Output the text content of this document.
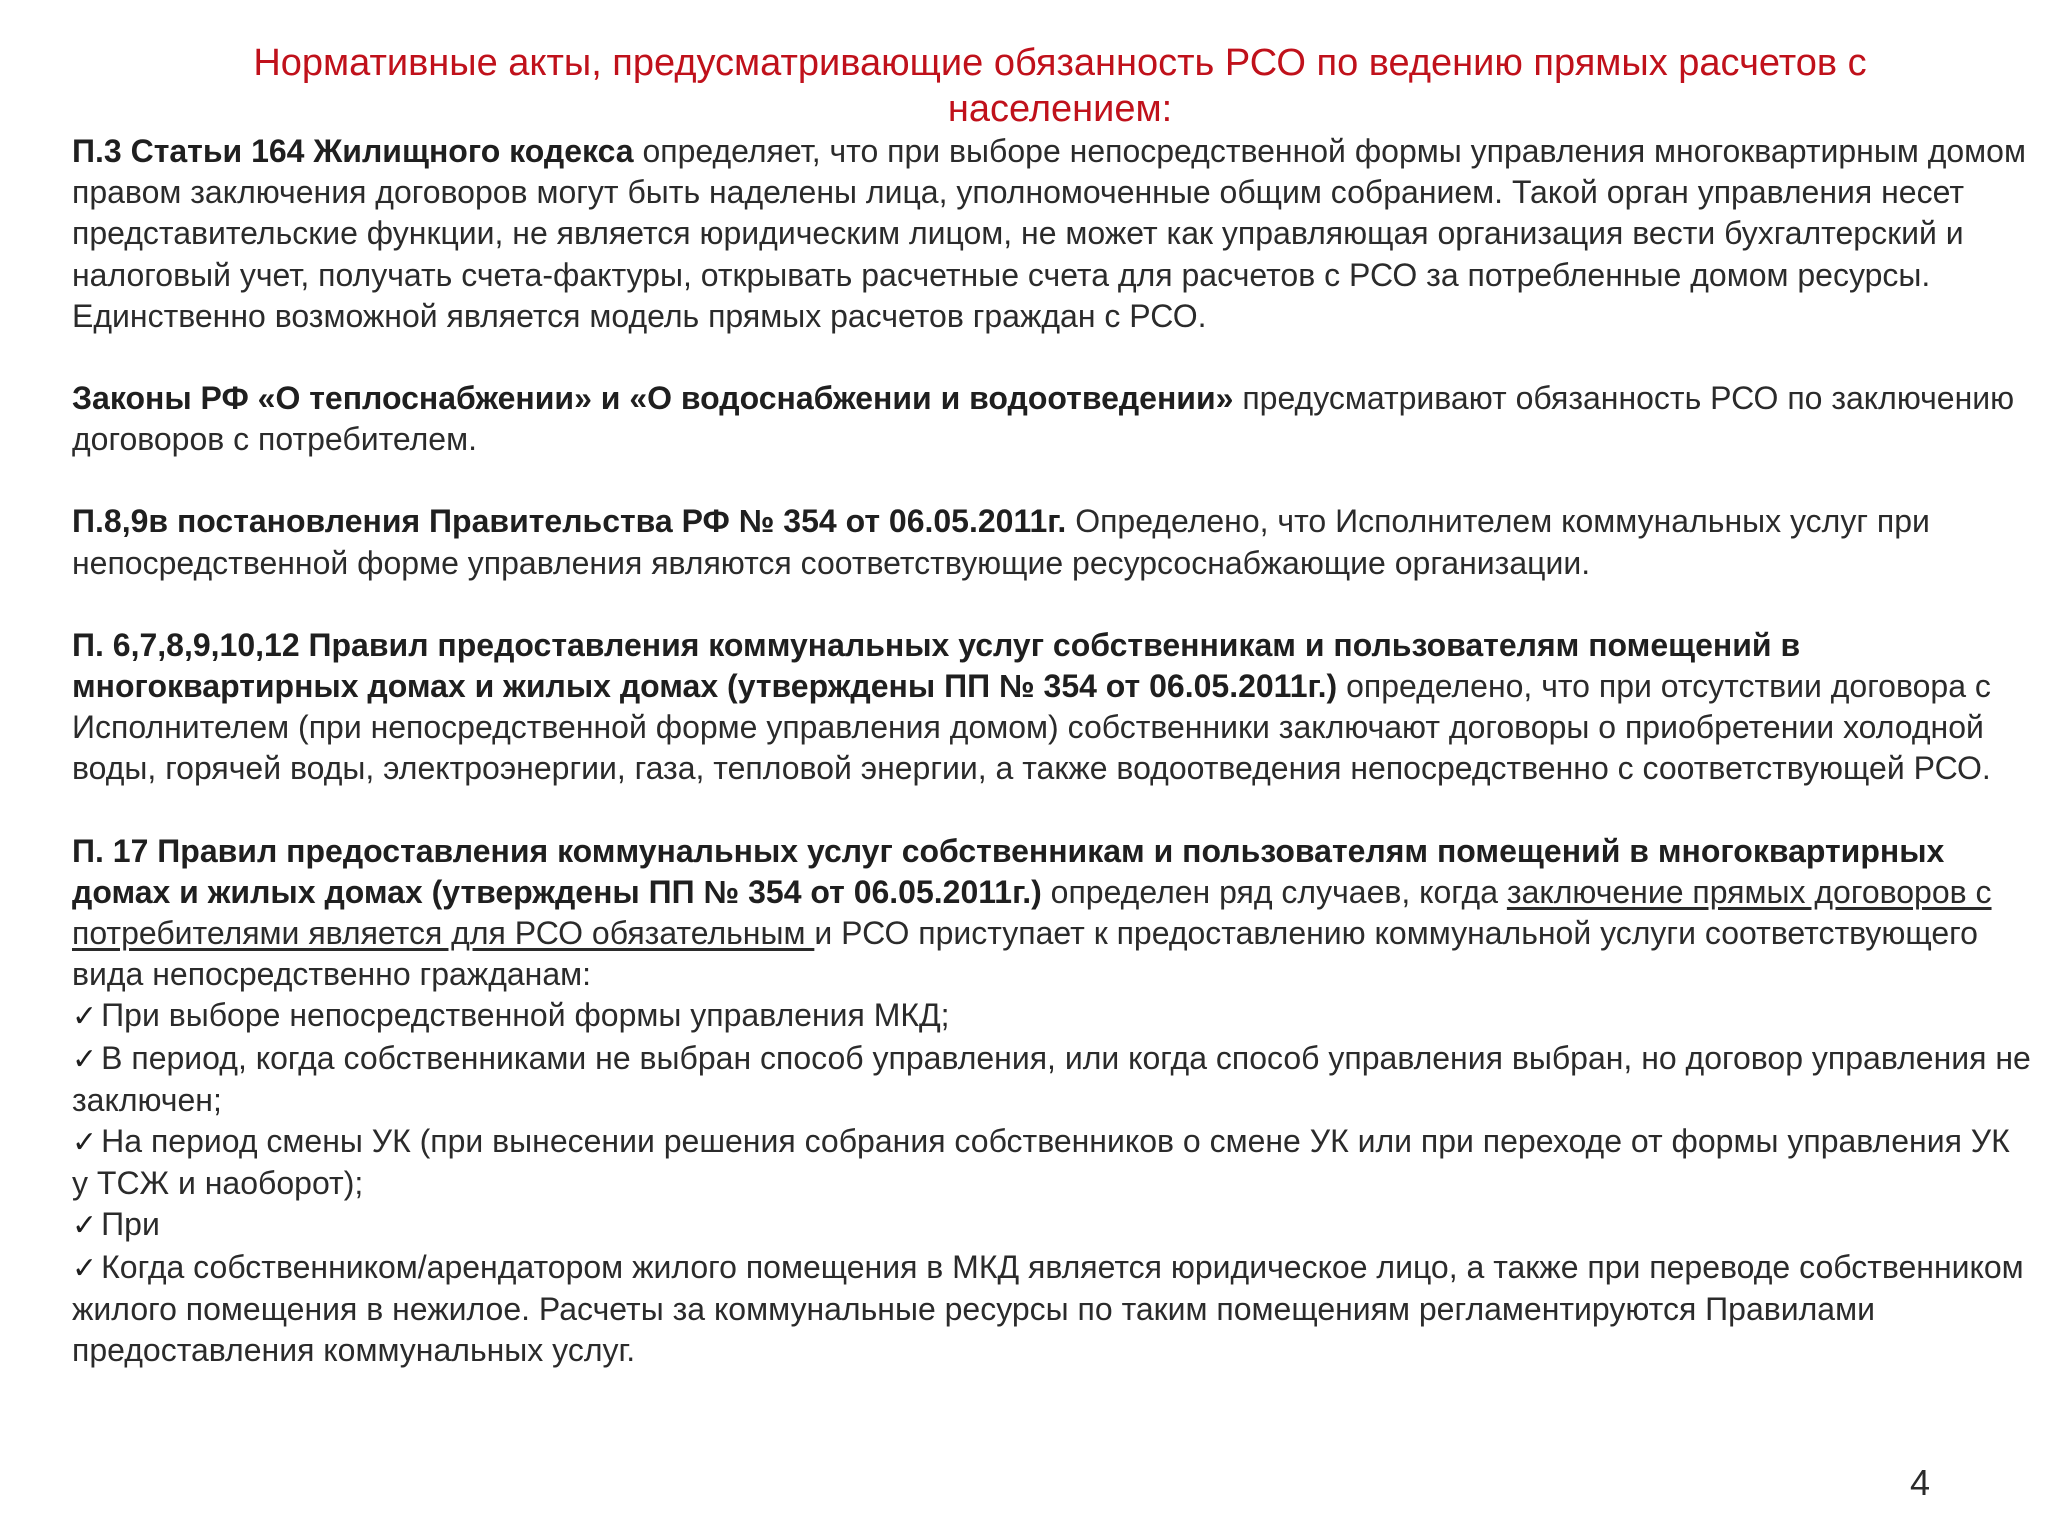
Нормативные акты, предусматривающие обязанность РСО по ведению прямых расчетов с населением:

П.3 Статьи 164 Жилищного кодекса определяет, что при выборе непосредственной формы управления многоквартирным домом правом заключения договоров могут быть наделены лица, уполномоченные общим собранием. Такой орган управления несет представительские функции, не является юридическим лицом, не может как управляющая организация вести бухгалтерский и налоговый учет, получать счета-фактуры, открывать расчетные счета для расчетов с РСО за потребленные домом ресурсы. Единственно возможной является модель прямых расчетов граждан с РСО.

Законы РФ «О теплоснабжении» и «О водоснабжении и водоотведении» предусматривают обязанность РСО по заключению договоров с потребителем.

П.8,9в постановления Правительства РФ № 354 от 06.05.2011г. Определено, что Исполнителем коммунальных услуг при непосредственной форме управления являются соответствующие ресурсоснабжающие организации.

П. 6,7,8,9,10,12 Правил предоставления коммунальных услуг собственникам и пользователям помещений в многоквартирных домах и жилых домах (утверждены ПП № 354 от 06.05.2011г.) определено, что при отсутствии договора с Исполнителем (при непосредственной форме управления домом) собственники заключают договоры о приобретении холодной воды, горячей воды, электроэнергии, газа, тепловой энергии, а также водоотведения непосредственно с соответствующей РСО.

П. 17 Правил предоставления коммунальных услуг собственникам и пользователям помещений в многоквартирных домах и жилых домах (утверждены ПП № 354 от 06.05.2011г.) определен ряд случаев, когда заключение прямых договоров с потребителями является для РСО обязательным и РСО приступает к предоставлению коммунальной услуги соответствующего вида непосредственно гражданам:

✓ При выборе непосредственной формы управления МКД;

✓ В период, когда собственниками не выбран способ управления, или когда способ управления выбран, но договор управления не заключен;

✓ На период смены УК (при вынесении решения собрания собственников о смене УК или при переходе от формы управления УК у ТСЖ и наоборот);

✓ При

✓ Когда собственником/арендатором жилого помещения в МКД является юридическое лицо, а также при переводе собственником жилого помещения в нежилое. Расчеты за коммунальные ресурсы по таким помещениям регламентируются Правилами предоставления коммунальных услуг.

4
